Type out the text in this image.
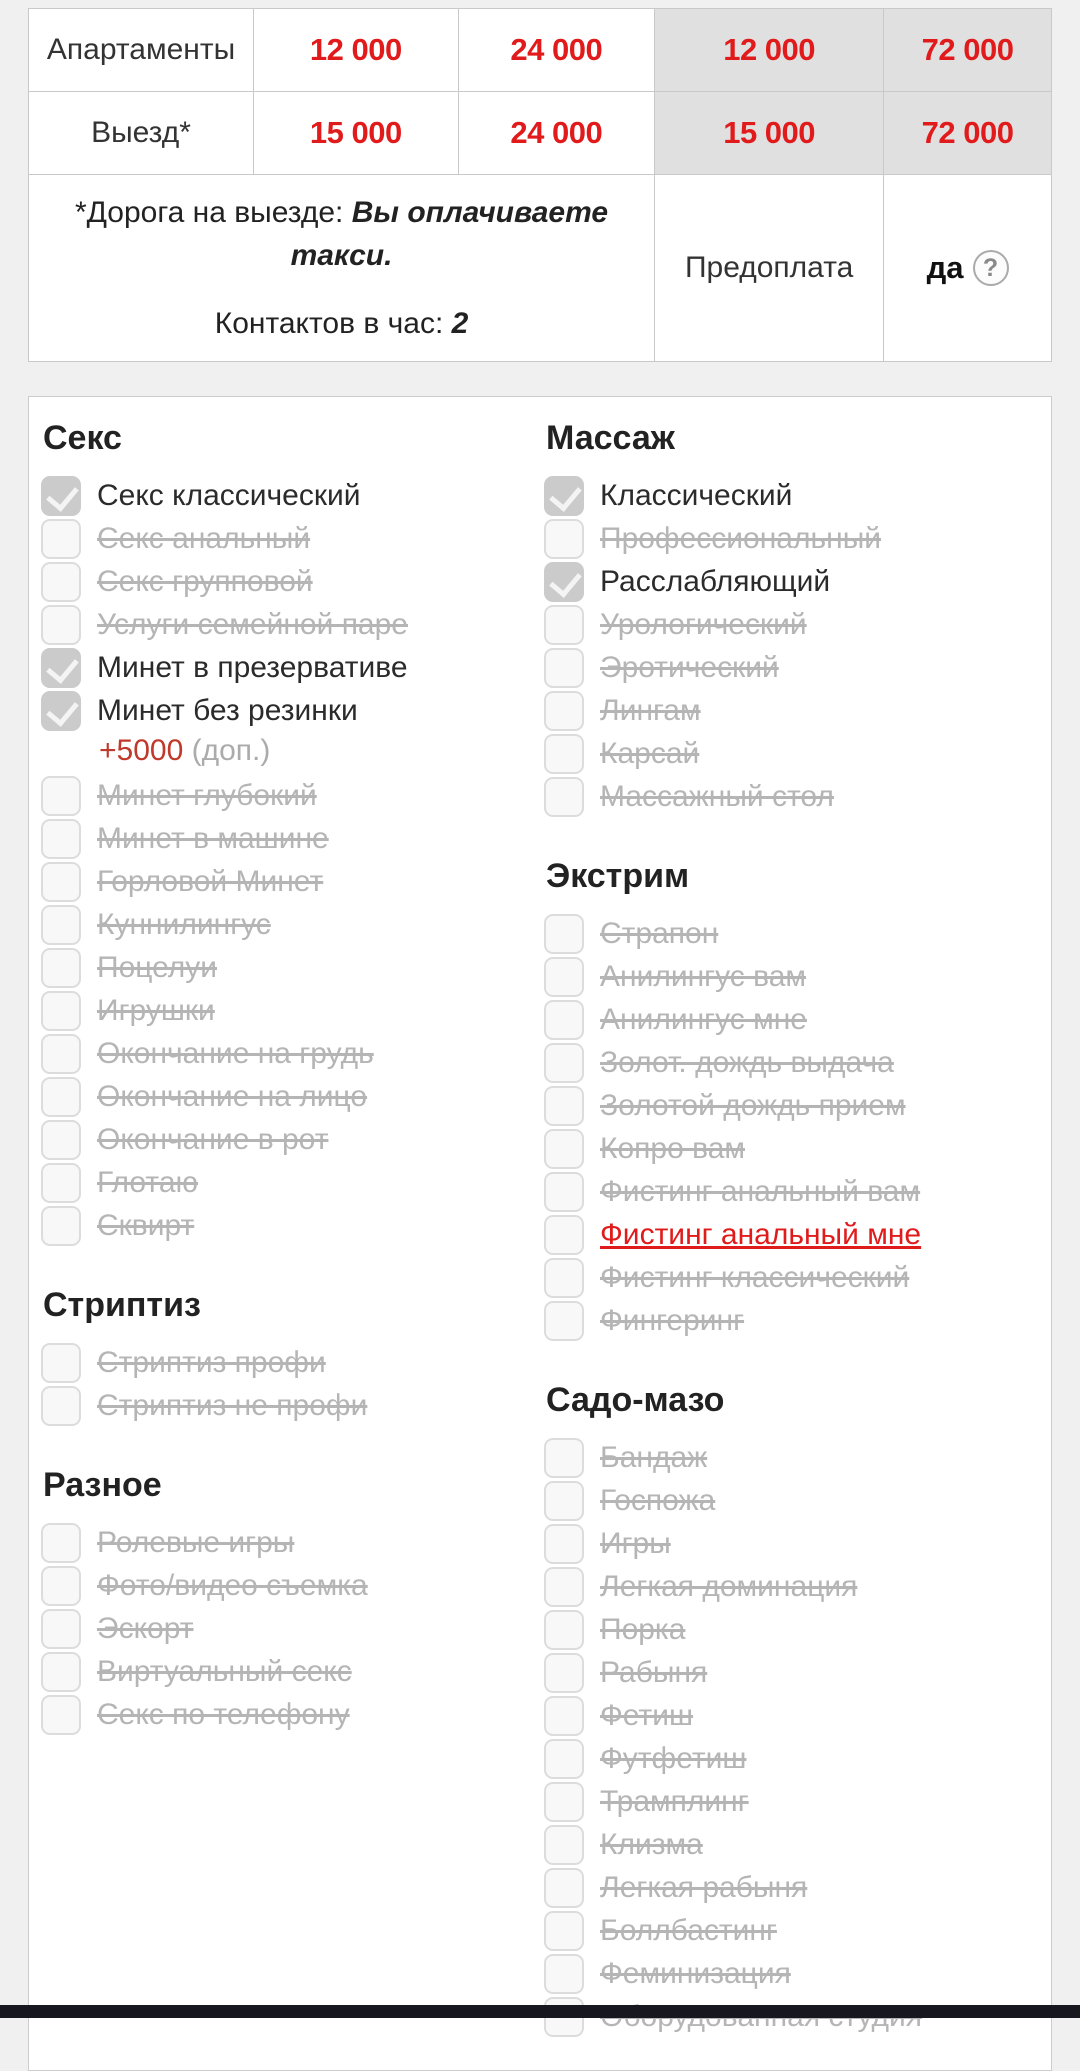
Апартаменты	12 000	24 000	12 000	72 000
Выезд*	15 000	24 000	15 000	72 000

*Дорога на выезде: Вы оплачиваете такси.
Контактов в час: 2			Предоплата	да ?
Секс
Секс классический
Секс анальный
Секс групповой
Услуги семейной паре
Минет в презервативе
Минет без резинки
+5000 (доп.)
Минет глубокий
Минет в машине
Горловой Минет
Куннилингус
Поцелуи
Игрушки
Окончание на грудь
Окончание на лицо
Окончание в рот
Глотаю
Сквирт
Стриптиз
Стриптиз профи
Стриптиз не профи
Разное
Ролевые игры
Фото/видео съемка
Эскорт
Виртуальный секс
Секс по телефону
Массаж
Классический
Профессиональный
Расслабляющий
Урологический
Эротический
Лингам
Карсай
Массажный стол
Экстрим
Страпон
Анилингус вам
Анилингус мне
Золот. дождь выдача
Золотой дождь прием
Копро вам
Фистинг анальный вам
Фистинг анальный мне
Фистинг классический
Фингеринг
Садо-мазо
Бандаж
Госпожа
Игры
Легкая доминация
Порка
Рабыня
Фетиш
Футфетиш
Трамплинг
Клизма
Легкая рабыня
Боллбастинг
Феминизация
